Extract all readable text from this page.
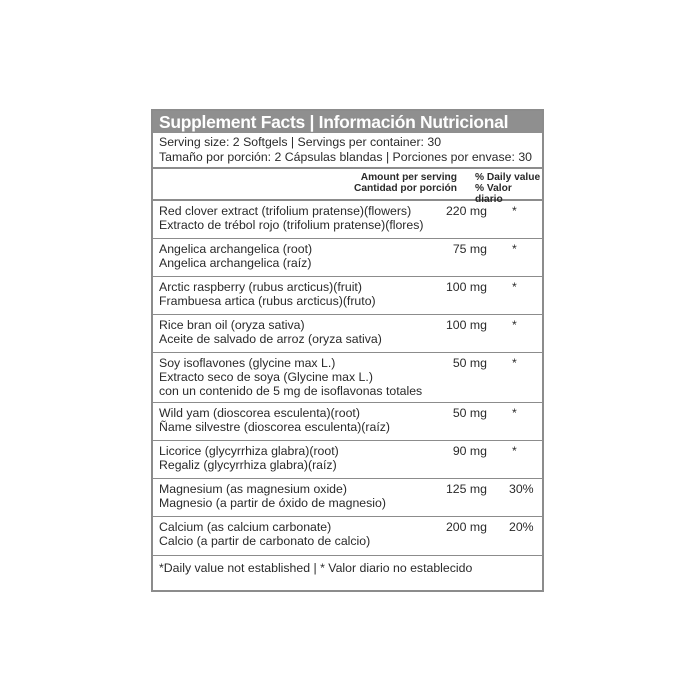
Supplement Facts | Información Nutricional
Serving size: 2 Softgels | Servings per container: 30
Tamaño por porción: 2 Cápsulas blandas | Porciones por envase: 30
Amount per serving
Cantidad por porción
% Daily value
% Valor diario
Red clover extract (trifolium pratense)(flowers)
Extracto de trébol rojo (trifolium pratense)(flores)
220 mg *
Angelica archangelica (root)
Angelica archangelica (raíz)
75 mg *
Arctic raspberry (rubus arcticus)(fruit)
Frambuesa artica (rubus arcticus)(fruto)
100 mg *
Rice bran oil (oryza sativa)
Aceite de salvado de arroz (oryza sativa)
100 mg *
Soy isoflavones (glycine max L.)
Extracto seco de soya (Glycine max L.)
con un contenido de 5 mg de isoflavonas totales
50 mg *
Wild yam (dioscorea esculenta)(root)
Ñame silvestre (dioscorea esculenta)(raíz)
50 mg *
Licorice (glycyrrhiza glabra)(root)
Regaliz (glycyrrhiza glabra)(raíz)
90 mg *
Magnesium (as magnesium oxide)
Magnesio (a partir de óxido de magnesio)
125 mg 30%
Calcium (as calcium carbonate)
Calcio (a partir de carbonato de calcio)
200 mg 20%
*Daily value not established | * Valor diario no establecido
